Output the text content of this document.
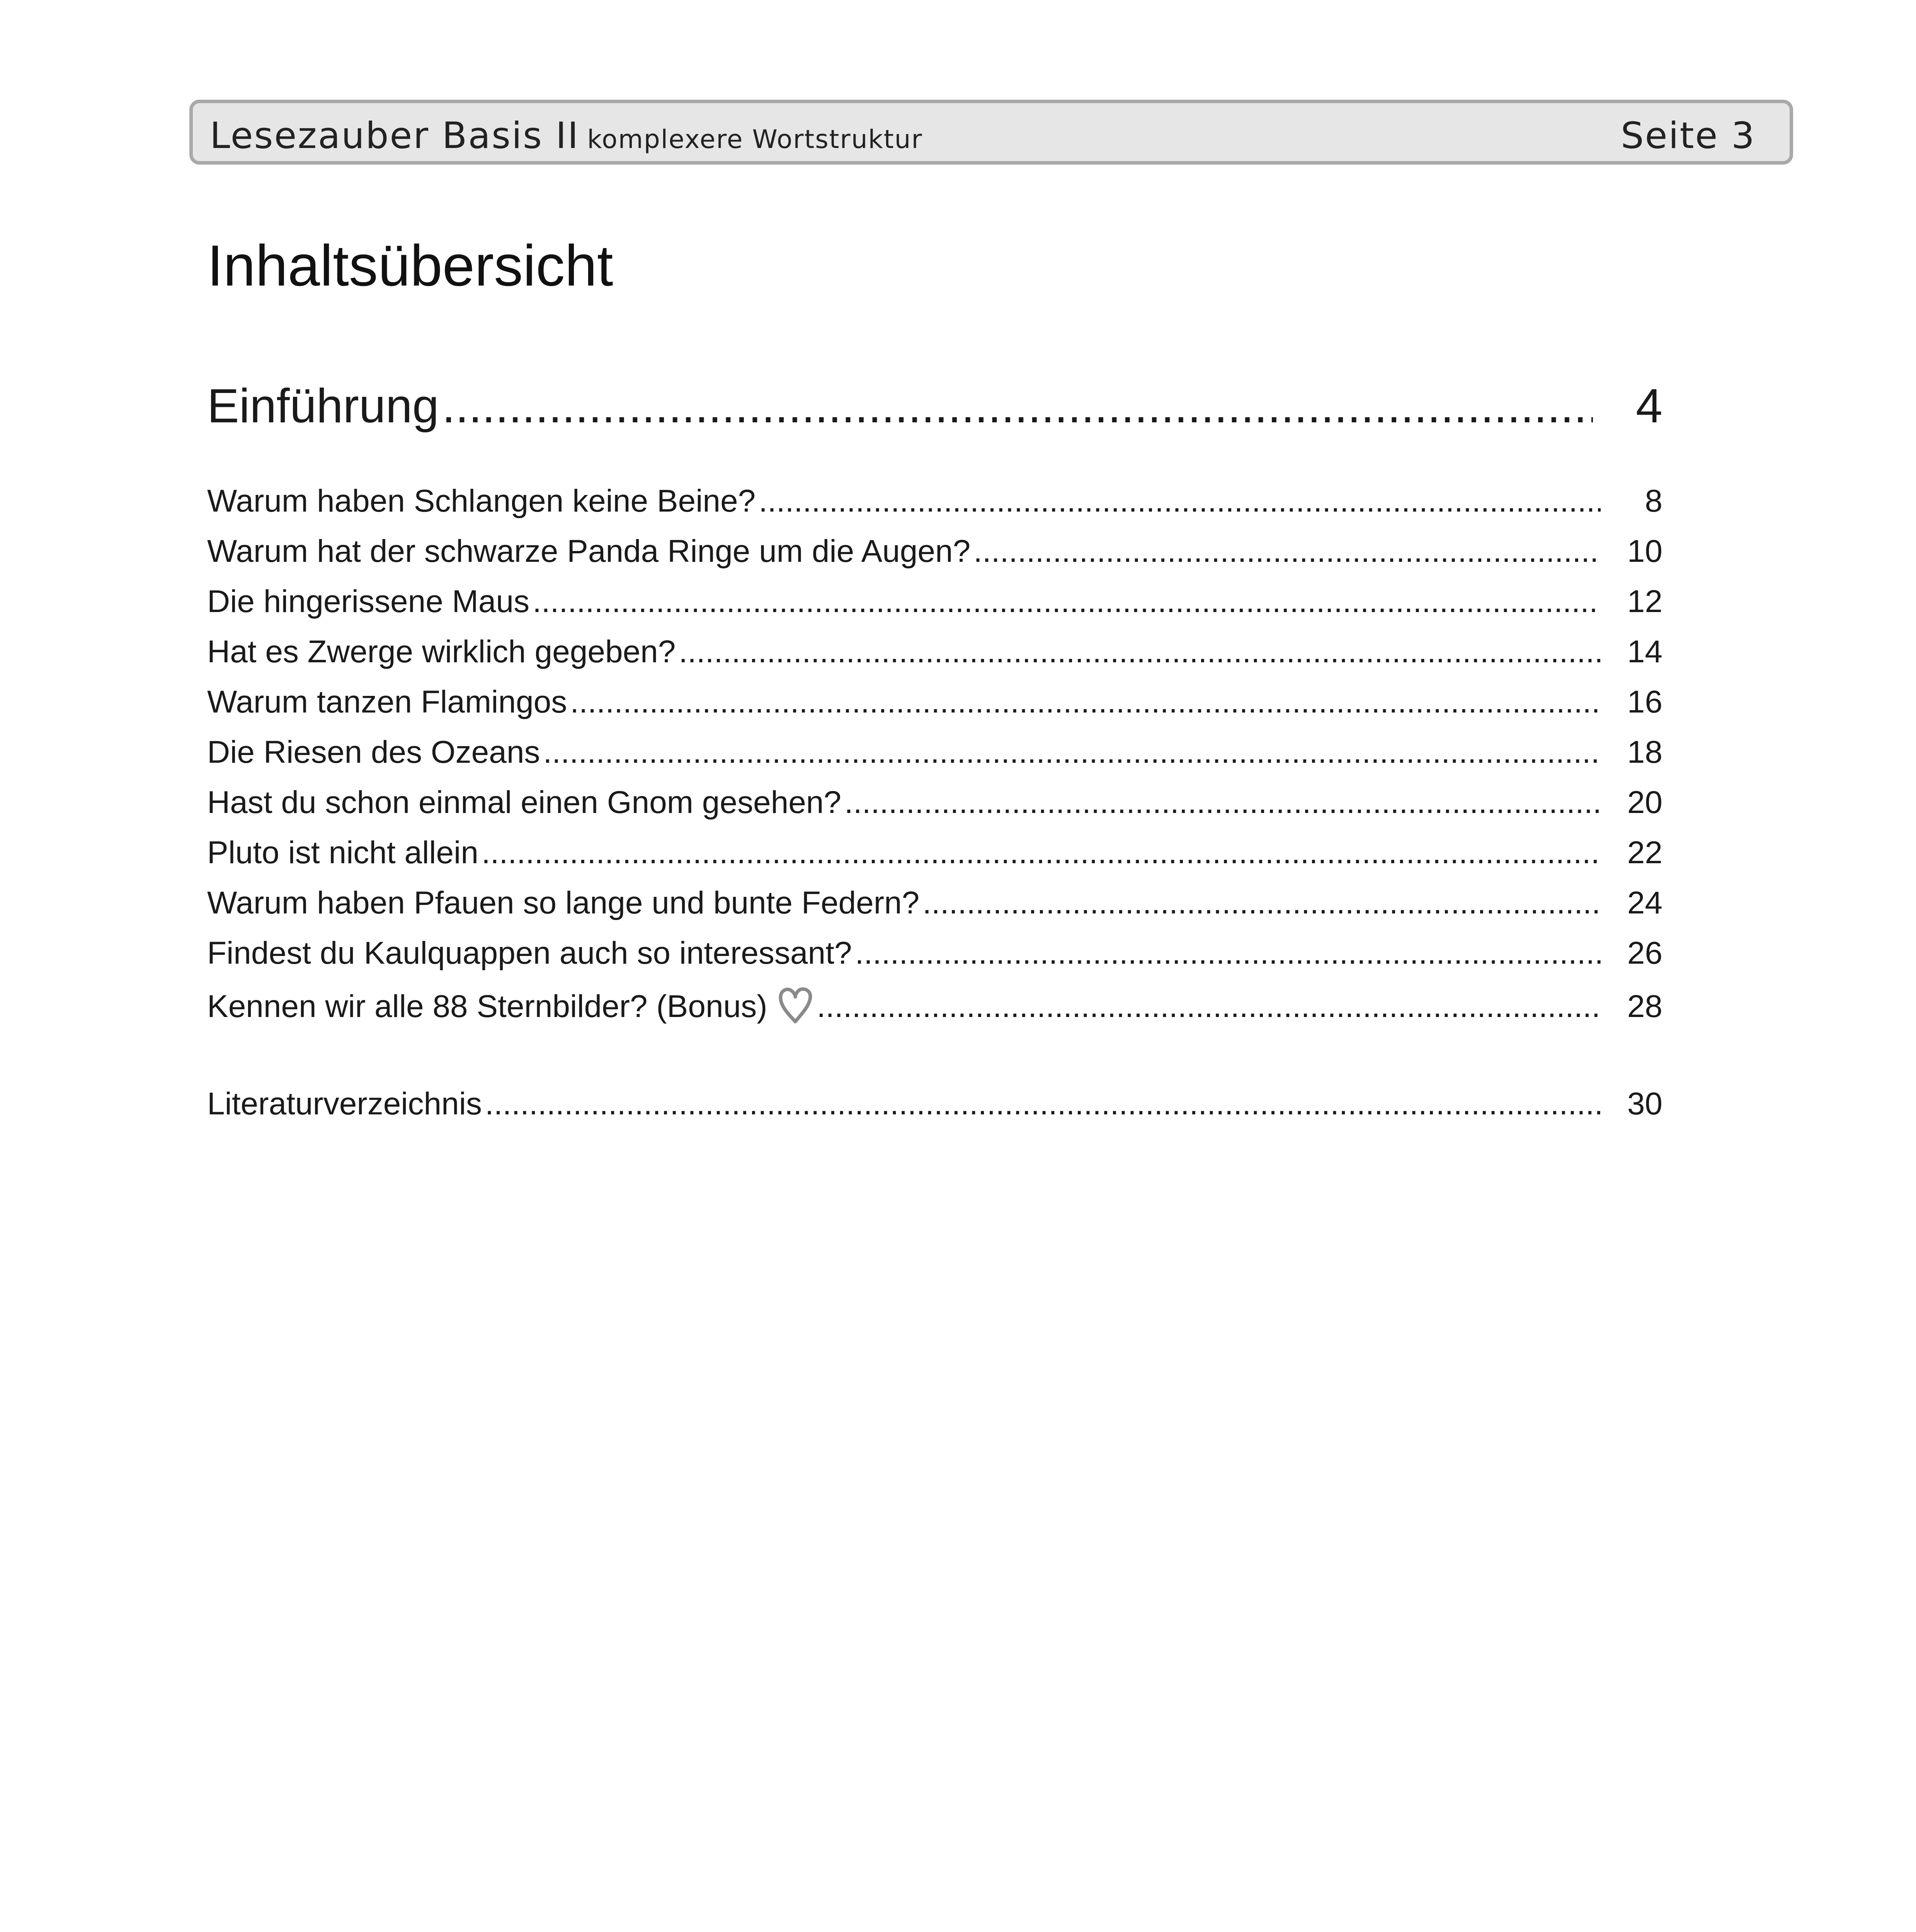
Lesezauber Basis II komplexere Wortstruktur	Seite 3
Inhaltsübersicht
Einführung .....	4
Warum haben Schlangen keine Beine? .....	8
Warum hat der schwarze Panda Ringe um die Augen? .....	10
Die hingerissene Maus .....	12
Hat es Zwerge wirklich gegeben? .....	14
Warum tanzen Flamingos .....	16
Die Riesen des Ozeans .....	18
Hast du schon einmal einen Gnom gesehen? .....	20
Pluto ist nicht allein .....	22
Warum haben Pfauen so lange und bunte Federn? .....	24
Findest du Kaulquappen auch so interessant? .....	26
Kennen wir alle 88 Sternbilder? (Bonus) .....	28
Literaturverzeichnis .....	30
